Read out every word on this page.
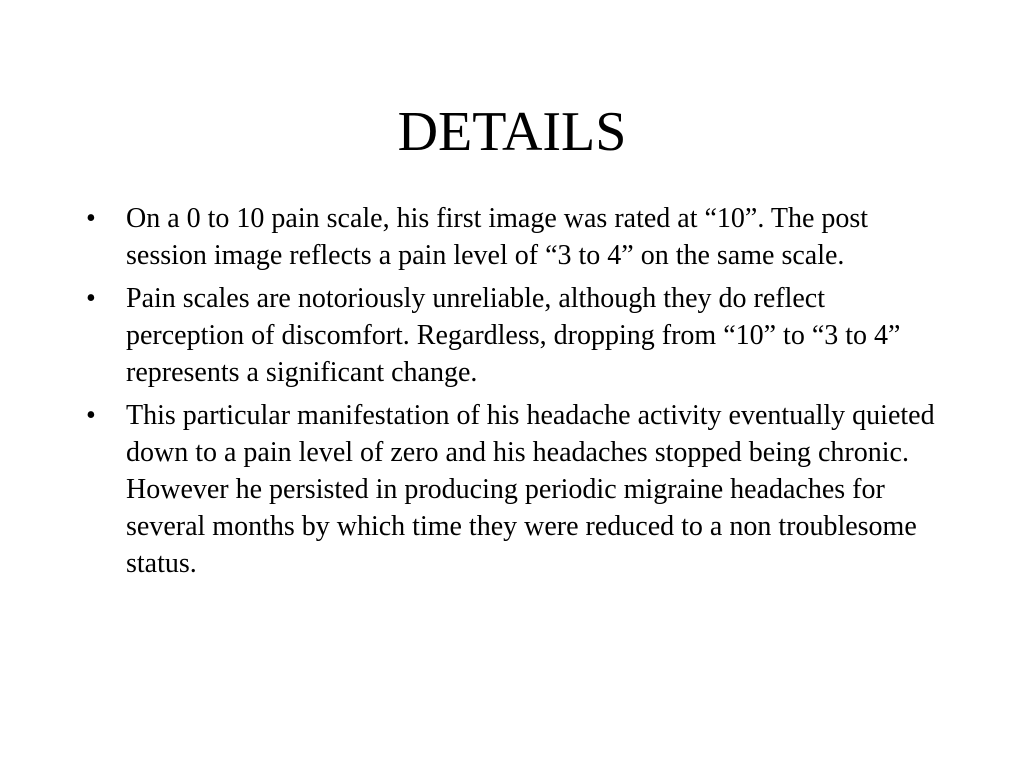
DETAILS
•	On a 0 to 10 pain scale, his first image was rated at “10”. The post session image reflects a pain level of “3 to 4” on the same scale.
•	Pain scales are notoriously unreliable, although they do reflect perception of discomfort. Regardless, dropping from “10” to “3 to 4” represents a significant change.
•	This particular manifestation of his headache activity eventually quieted down to a pain level of zero and his headaches stopped being chronic. However he persisted in producing periodic migraine headaches for several months by which time they were reduced to a non troublesome status.
